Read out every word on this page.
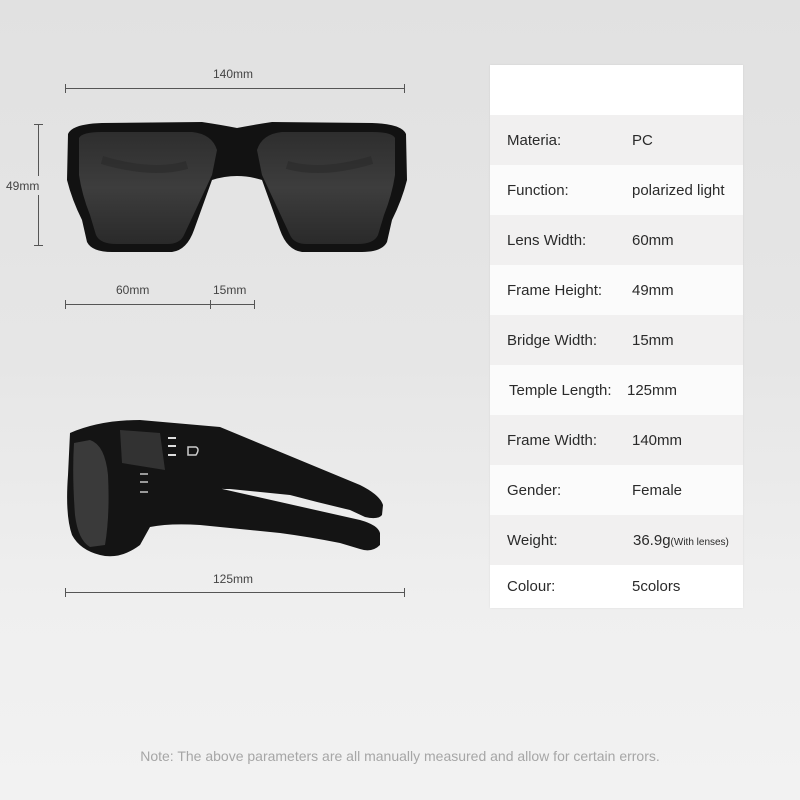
140mm
49mm
60mm	15mm
125mm
Materia:	PC
Function:	polarized light
Lens Width:	60mm
Frame Height: 49mm
Bridge Width: 15mm
Temple Length: 125mm
Frame Width: 140mm
Gender:	Female
Weight:	36.9g(With lenses)
Colour:	5colors
Note: The above parameters are all manually measured and allow for certain errors.
